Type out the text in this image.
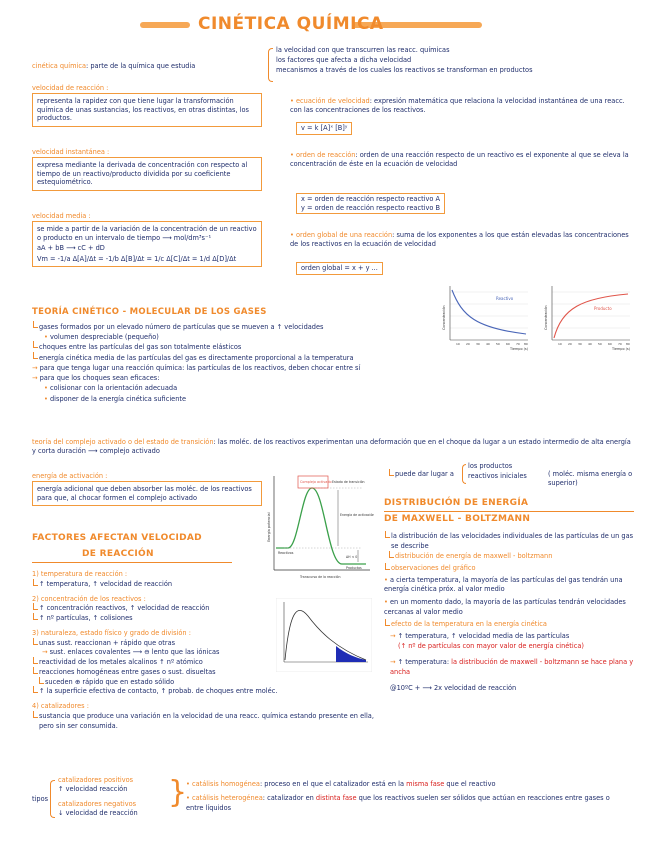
CINÉTICA QUÍMICA
cinética química: parte de la química que estudia
la velocidad con que transcurren las reacc. químicas
los factores que afecta a dicha velocidad
mecanismos a través de los cuales los reactivos se transforman en productos
velocidad de reacción :
representa la rapidez con que tiene lugar la transformación química de unas sustancias, los reactivos, en otras distintas, los productos.
velocidad instantánea :
expresa mediante la derivada de concentración con respecto al tiempo de un reactivo/producto dividida por su coeficiente estequiométrico.
velocidad media :
se mide a partir de la variación de la concentración de un reactivo o producto en un intervalo de tiempo ⟶ mol/dm³s⁻¹
aA + bB ⟶ cC + dD
Vm = -1/a Δ[A]/Δt = -1/b Δ[B]/Δt = 1/c Δ[C]/Δt = 1/d Δ[D]/Δt
• ecuación de velocidad: expresión matemática que relaciona la velocidad instantánea de una reacc. con las concentraciones de los reactivos.
v = k [A]ˣ [B]ʸ
• orden de reacción: orden de una reacción respecto de un reactivo es el exponente al que se eleva la concentración de éste en la ecuación de velocidad
x = orden de reacción respecto reactivo A
y = orden de reacción respecto reactivo B
• orden global de una reacción: suma de los exponentes a los que están elevadas las concentraciones de los reactivos en la ecuación de velocidad
orden global = x + y ...
TEORÍA CINÉTICO - MOLECULAR DE LOS GASES
gases formados por un elevado número de partículas que se mueven a ↑ velocidades
• volumen despreciable (pequeño)
choques entre las partículas del gas son totalmente elásticos
energía cinética media de las partículas del gas es directamente proporcional a la temperatura
→ para que tenga lugar una reacción química: las partículas de los reactivos, deben chocar entre sí
→ para que los choques sean eficaces:
• colisionar con la orientación adecuada
• disponer de la energía cinética suficiente
Reactivo
Concentración
Tiempo (s)
10 20 30 40 50 60 70 80
Producto
Concentración
Tiempo (s)
10 20 30 40 50 60 70 80
teoría del complejo activado o del estado de transición: las moléc. de los reactivos experimentan una deformación que en el choque da lugar a un estado intermedio de alta energía y corta duración ⟶ complejo activado
energía de activación :
energía adicional que deben absorber las moléc. de los reactivos para que, al chocar formen el complejo activado
Complejo activado Estado de transición
Energía de activación
Energía potencial
Reactivos
Productos
ΔH < 0
Transcurso de la reacción
puede dar lugar a
los productos
reactivos iniciales	( moléc. misma energía o superior)
DISTRIBUCIÓN DE ENERGÍA
DE MAXWELL - BOLTZMANN
la distribución de las velocidades individuales de las partículas de un gas se describe
distribución de energía de maxwell - boltzmann
observaciones del gráfico
• a cierta temperatura, la mayoría de las partículas del gas tendrán una energía cinética próx. al valor medio
• en un momento dado, la mayoría de las partículas tendrán velocidades cercanas al valor medio
efecto de la temperatura en la energía cinética
→ ↑ temperatura, ↑ velocidad media de las partículas
(↑ nº de partículas con mayor valor de energía cinética)
→ ↑ temperatura: la distribución de maxwell - boltzmann se hace plana y ancha
@10ºC + ⟶ 2x velocidad de reacción
FACTORES AFECTAN VELOCIDAD
DE REACCIÓN
1) temperatura de reacción :
↑ temperatura, ↑ velocidad de reacción
2) concentración de los reactivos :
↑ concentración reactivos, ↑ velocidad de reacción
↑ nº partículas, ↑ colisiones
3) naturaleza, estado físico y grado de división :
unas sust. reaccionan + rápido que otras
→ sust. enlaces covalentes ⟶ ⊖ lento que las iónicas
reactividad de los metales alcalinos ↑ nº atómico
reacciones homogéneas entre gases o sust. disueltas
suceden ⊕ rápido que en estado sólido
↑ la superficie efectiva de contacto, ↑ probab. de choques entre moléc.
4) catalizadores :
sustancia que produce una variación en la velocidad de una reacc. química estando presente en ella, pero sin ser consumida.
tipos
catalizadores positivos
↑ velocidad reacción
catalizadores negativos
↓ velocidad de reacción
}
• catálisis homogénea: proceso en el que el catalizador está en la misma fase que el reactivo
• catálisis heterogénea: catalizador en distinta fase que los reactivos suelen ser sólidos que actúan en reacciones entre gases o entre líquidos
